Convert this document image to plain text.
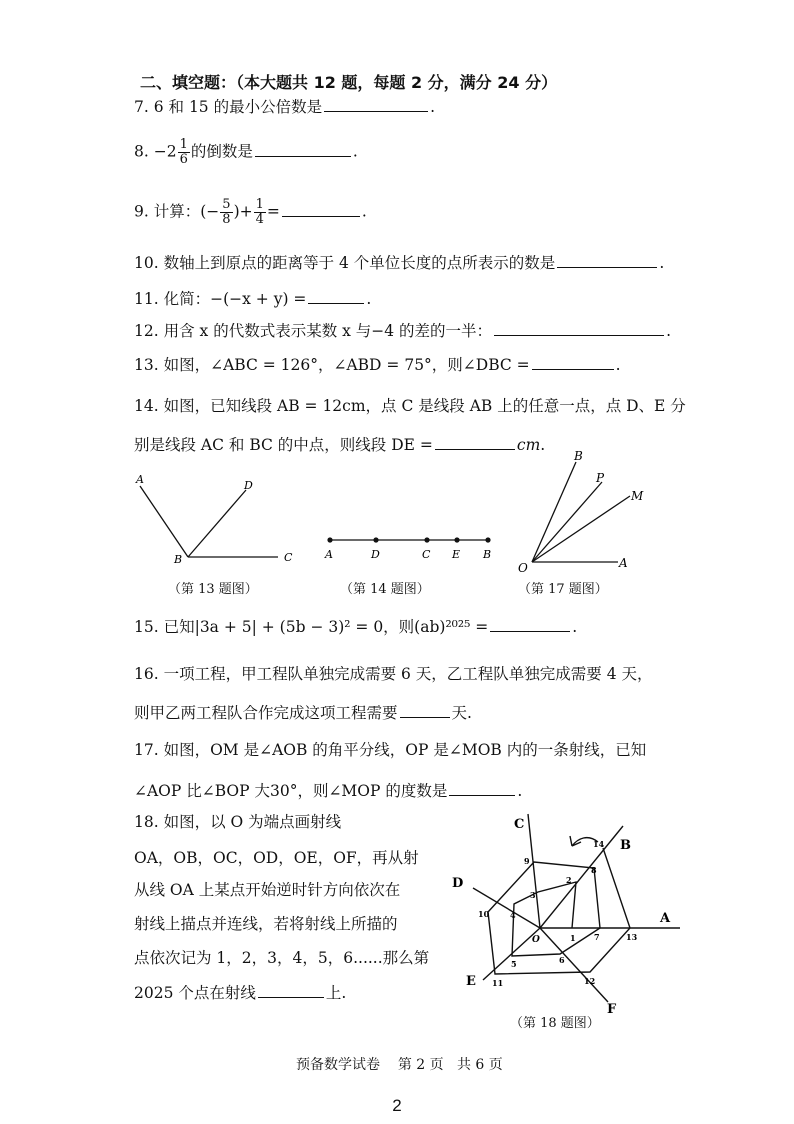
二、填空题：（本大题共 12 题，每题 2 分，满分 24 分）
7. 6 和 15 的最小公倍数是	.
8. $-2 \frac{1}{6}$ 的倒数是	.
9. 计算：(− $\frac{5}{8}$ )+ $\frac{1}{4}$ =	.
10. 数轴上到原点的距离等于 4 个单位长度的点所表示的数是	.
11. 化简：−(−x + y) =	.
12. 用含 x 的代数式表示某数 x 与−4 的差的一半：	.
13. 如图，∠ABC = 126°，∠ABD = 75°，则∠DBC =	.
14. 如图，已知线段 AB = 12cm，点 C 是线段 AB 上的任意一点，点 D、E 分
别是线段 AC 和 BC 的中点，则线段 DE =	cm.
A	D
B	C
（第 13 题图）
A	D	C E B
（第 14 题图）
B
P
M
O	A
（第 17 题图）
15. 已知|3a + 5| + (5b − 3)² = 0，则(ab)²⁰²⁵ =	.
16. 一项工程，甲工程队单独完成需要 6 天，乙工程队单独完成需要 4 天，
则甲乙两工程队合作完成这项工程需要	天.
17. 如图，OM 是∠AOB 的角平分线，OP 是∠MOB 内的一条射线，已知
∠AOP 比∠BOP 大30°，则∠MOP 的度数是	.
18. 如图，以 O 为端点画射线
OA，OB，OC，OD，OE，OF，再从射
从线 OA 上某点开始逆时针方向依次在
射线上描点并连线，若将射线上所描的
点依次记为 1，2，3，4，5，6......那么第
2025 个点在射线	上.
1
2
3
4
5	6
7
8
9
10
11	12
13
14
O
A
B
C
D
E
F
（第 18 题图）
预备数学试卷 第 2 页 共 6 页
2
